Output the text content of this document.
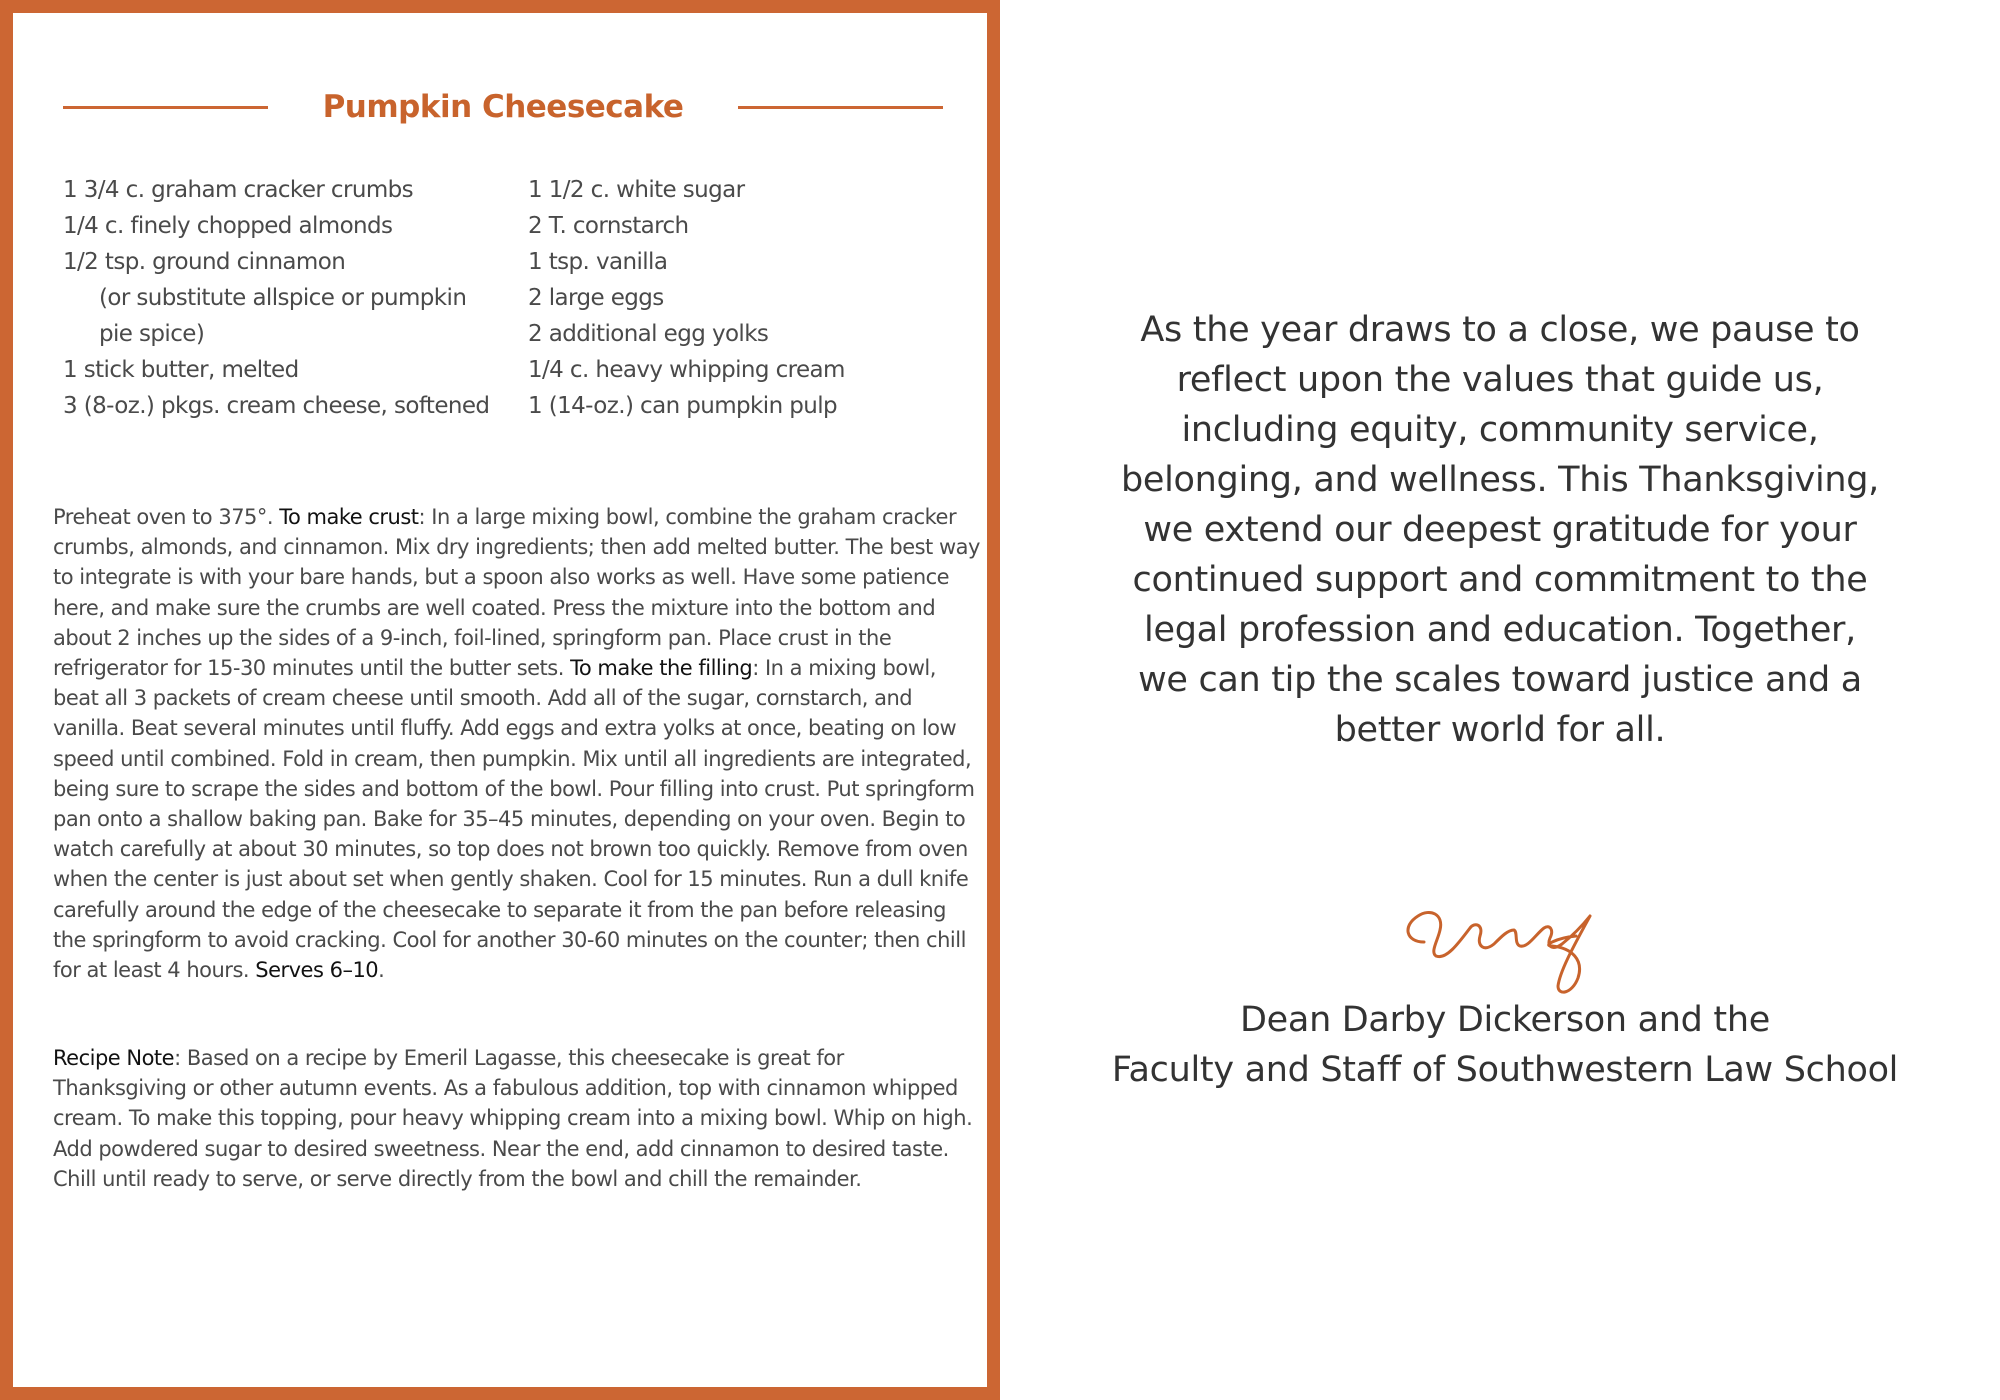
Pumpkin Cheesecake
1 3/4 c. graham cracker crumbs
1/4 c. finely chopped almonds
1/2 tsp. ground cinnamon
(or substitute allspice or pumpkin
pie spice)
1 stick butter, melted
3 (8-oz.) pkgs. cream cheese, softened
1 1/2 c. white sugar
2 T. cornstarch
1 tsp. vanilla
2 large eggs
2 additional egg yolks
1/4 c. heavy whipping cream
1 (14-oz.) can pumpkin pulp

Preheat oven to 375°. To make crust: In a large mixing bowl, combine the graham cracker crumbs, almonds, and cinnamon. Mix dry ingredients; then add melted butter. The best way to integrate is with your bare hands, but a spoon also works as well. Have some patience here, and make sure the crumbs are well coated. Press the mixture into the bottom and about 2 inches up the sides of a 9-inch, foil-lined, springform pan. Place crust in the refrigerator for 15-30 minutes until the butter sets. To make the filling: In a mixing bowl, beat all 3 packets of cream cheese until smooth. Add all of the sugar, cornstarch, and vanilla. Beat several minutes until fluffy. Add eggs and extra yolks at once, beating on low speed until combined. Fold in cream, then pumpkin. Mix until all ingredients are integrated, being sure to scrape the sides and bottom of the bowl. Pour filling into crust. Put springform pan onto a shallow baking pan. Bake for 35–45 minutes, depending on your oven. Begin to watch carefully at about 30 minutes, so top does not brown too quickly. Remove from oven when the center is just about set when gently shaken. Cool for 15 minutes. Run a dull knife carefully around the edge of the cheesecake to separate it from the pan before releasing the springform to avoid cracking. Cool for another 30-60 minutes on the counter; then chill for at least 4 hours. Serves 6–10.

Recipe Note: Based on a recipe by Emeril Lagasse, this cheesecake is great for Thanksgiving or other autumn events. As a fabulous addition, top with cinnamon whipped cream. To make this topping, pour heavy whipping cream into a mixing bowl. Whip on high. Add powdered sugar to desired sweetness. Near the end, add cinnamon to desired taste. Chill until ready to serve, or serve directly from the bowl and chill the remainder.

As the year draws to a close, we pause to reflect upon the values that guide us, including equity, community service, belonging, and wellness. This Thanksgiving, we extend our deepest gratitude for your continued support and commitment to the legal profession and education. Together, we can tip the scales toward justice and a better world for all.

Dean Darby Dickerson and the
Faculty and Staff of Southwestern Law School
